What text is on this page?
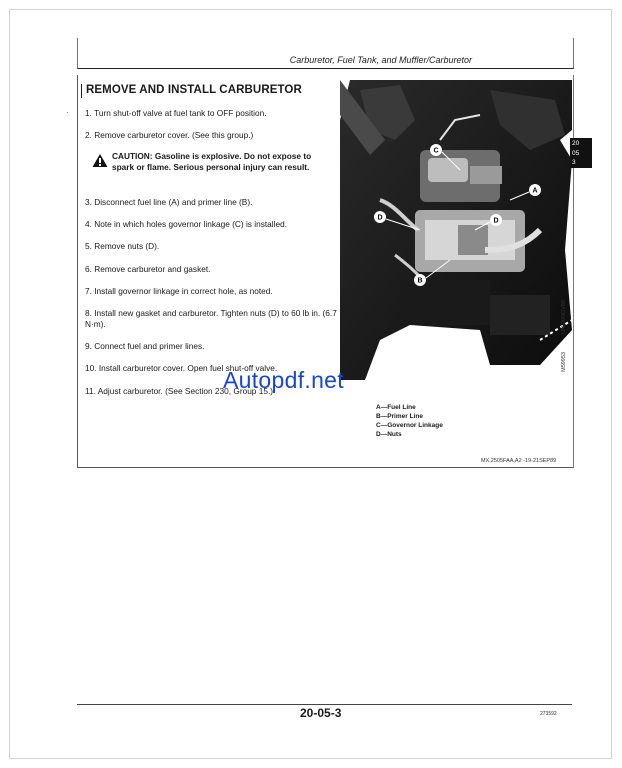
Carburetor, Fuel Tank, and Muffler/Carburetor
REMOVE AND INSTALL CARBURETOR
· 1. Turn shut-off valve at fuel tank to OFF position.
2. Remove carburetor cover. (See this group.)
CAUTION: Gasoline is explosive. Do not expose to spark or flame. Serious personal injury can result.
3. Disconnect fuel line (A) and primer line (B).
4. Note in which holes governor linkage (C) is installed.
5. Remove nuts (D).
6. Remove carburetor and gasket.
7. Install governor linkage in correct hole, as noted.
8. Install new gasket and carburetor. Tighten nuts (D) to 60 lb in. (6.7 N·m).
9. Connect fuel and primer lines.
10. Install carburetor cover. Open fuel shut-off valve.
11. Adjust carburetor. (See Section 230, Group 15.)
C
A
D	D
B
-UN-20NOV89
M59953
20
05
3
A—Fuel Line
B—Primer Line
C—Governor Linkage
D—Nuts
MX,2505FAA,A2 -19-21SEP89
Autopdf.net
20-05-3	273592
